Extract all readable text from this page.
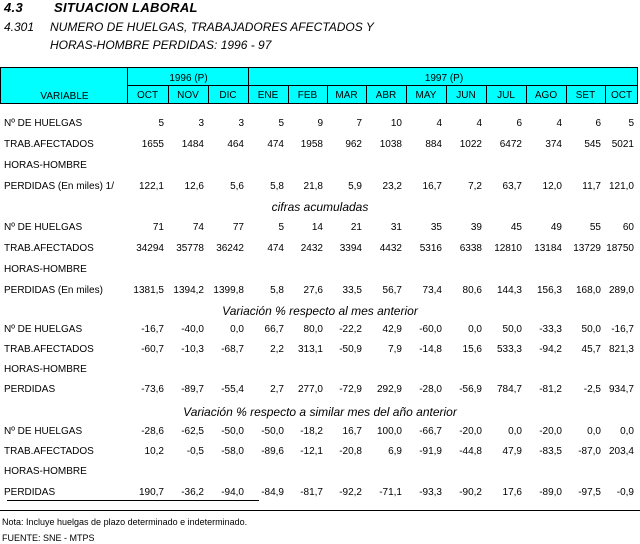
4.3 SITUACION LABORAL
4.301 NUMERO DE HUELGAS, TRABAJADORES AFECTADOS Y
HORAS-HOMBRE PERDIDAS: 1996 - 97
VARIABLE
1996 (P)	1997 (P)
OCT	NOV	DIC	ENE	FEB	MAR	ABR	MAY	JUN	JUL	AGO	SET	OCT
Nº DE HUELGAS	5	3	3	5	9	7	10	4	4	6	4	6	5
TRAB.AFECTADOS	1655	1484	464	474	1958	962	1038	884	1022	6472	374	545	5021
HORAS-HOMBRE
PERDIDAS (En miles) 1/	122,1	12,6	5,6	5,8	21,8	5,9	23,2	16,7	7,2	63,7	12,0	11,7 121,0
cifras acumuladas
Nº DE HUELGAS	71	74	77	5	14	21	31	35	39	45	49	55	60
TRAB.AFECTADOS	34294	35778	36242	474	2432	3394	4432	5316	6338	12810	13184	13729 18750
HORAS-HOMBRE
PERDIDAS (En miles)	1381,5 1394,2 1399,8	5,8	27,6	33,5	56,7	73,4	80,6	144,3	156,3	168,0 289,0
Variación % respecto al mes anterior
Nº DE HUELGAS	-16,7	-40,0	0,0	66,7	80,0	-22,2	42,9	-60,0	0,0	50,0	-33,3	50,0	-16,7
TRAB.AFECTADOS	-60,7	-10,3	-68,7	2,2	313,1	-50,9	7,9	-14,8	15,6	533,3	-94,2	45,7 821,3
HORAS-HOMBRE
PERDIDAS	-73,6	-89,7	-55,4	2,7	277,0	-72,9	292,9	-28,0	-56,9	784,7	-81,2	-2,5 934,7
Variación % respecto a similar mes del año anterior
Nº DE HUELGAS	-28,6	-62,5	-50,0	-50,0	-18,2	16,7	100,0	-66,7	-20,0	0,0	-20,0	0,0	0,0
TRAB.AFECTADOS	10,2	-0,5	-58,0	-89,6	-12,1	-20,8	6,9	-91,9	-44,8	47,9	-83,5	-87,0 203,4
HORAS-HOMBRE
PERDIDAS	190,7	-36,2	-94,0	-84,9	-81,7	-92,2	-71,1	-93,3	-90,2	17,6	-89,0	-97,5	-0,9
Nota: Incluye huelgas de plazo determinado e indeterminado.
FUENTE: SNE - MTPS
